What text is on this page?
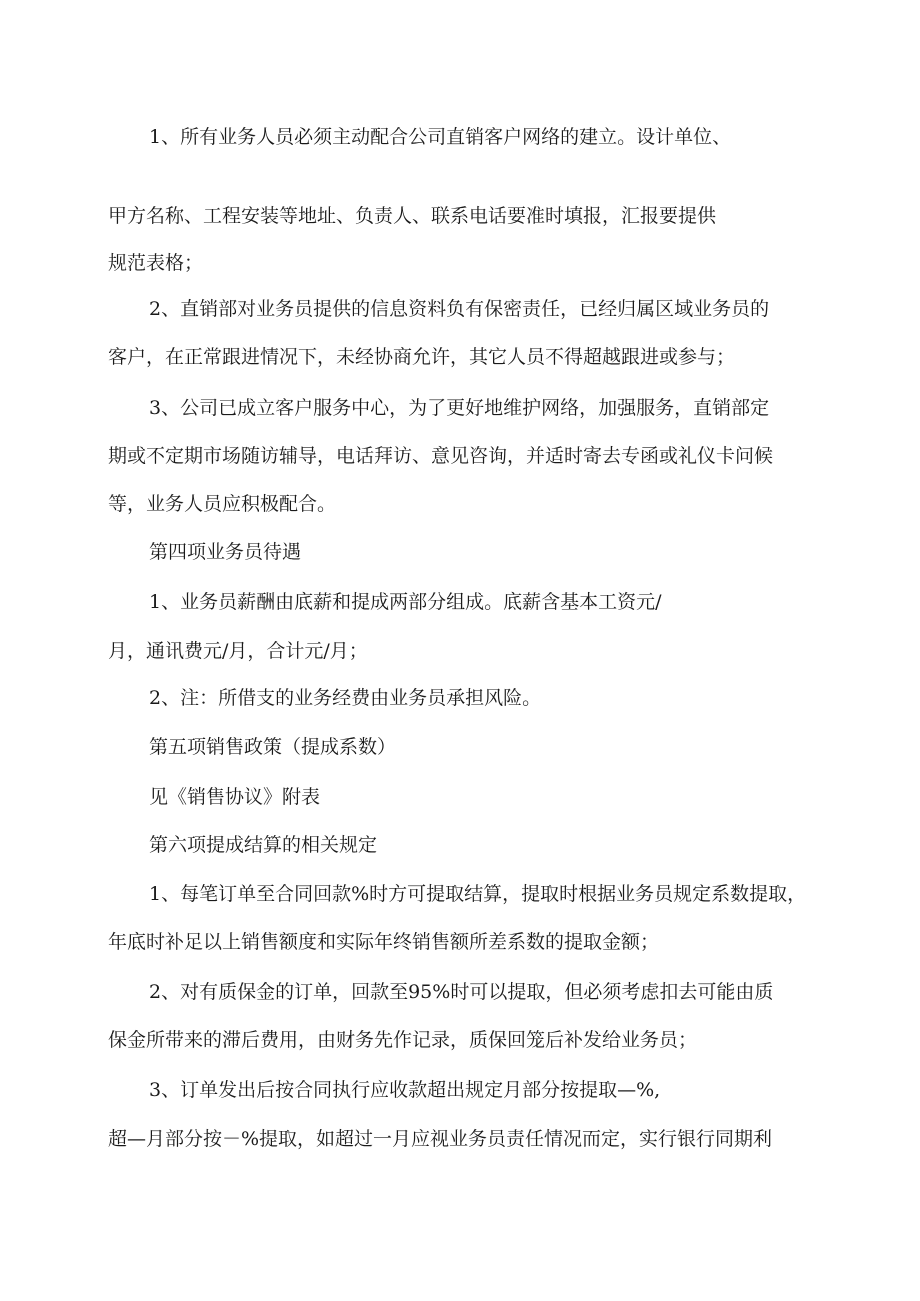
1、所有业务人员必须主动配合公司直销客户网络的建立。设计单位、
甲方名称、工程安装等地址、负责人、联系电话要准时填报，汇报要提供
规范表格；
2、直销部对业务员提供的信息资料负有保密责任，已经归属区域业务员的
客户，在正常跟进情况下，未经协商允许，其它人员不得超越跟进或参与；
3、公司已成立客户服务中心，为了更好地维护网络，加强服务，直销部定
期或不定期市场随访辅导，电话拜访、意见咨询，并适时寄去专函或礼仪卡问候
等，业务人员应积极配合。
第四项业务员待遇
1、业务员薪酬由底薪和提成两部分组成。底薪含基本工资元/
月，通讯费元/月，合计元/月；
2、注：所借支的业务经费由业务员承担风险。
第五项销售政策（提成系数）
见《销售协议》附表
第六项提成结算的相关规定
1、每笔订单至合同回款%时方可提取结算，提取时根据业务员规定系数提取，
年底时补足以上销售额度和实际年终销售额所差系数的提取金额；
2、对有质保金的订单，回款至95%时可以提取，但必须考虑扣去可能由质
保金所带来的滞后费用，由财务先作记录，质保回笼后补发给业务员；
3、订单发出后按合同执行应收款超出规定月部分按提取—%,
超—月部分按－%提取，如超过一月应视业务员责任情况而定，实行银行同期利
